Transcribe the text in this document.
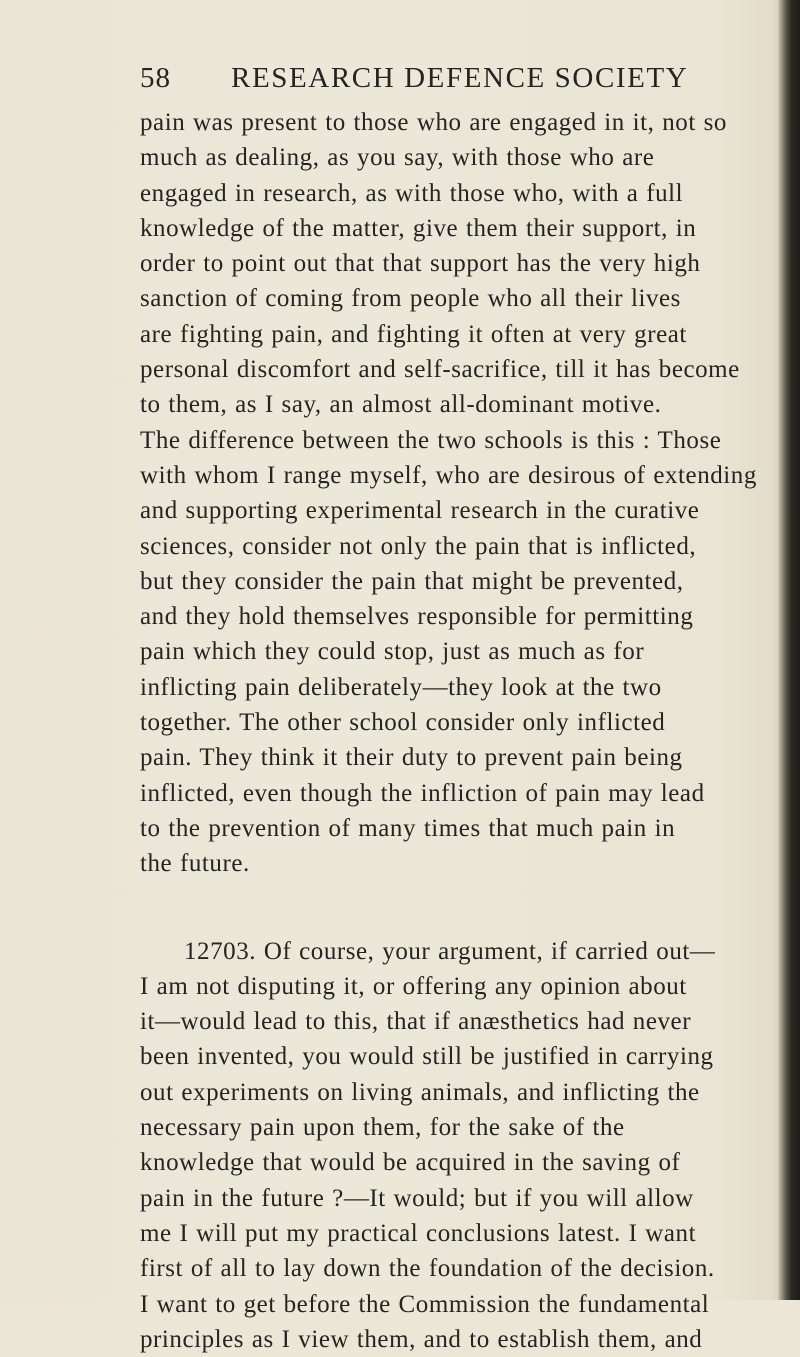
58 RESEARCH DEFENCE SOCIETY
pain was present to those who are engaged in it, not so
much as dealing, as you say, with those who are
engaged in research, as with those who, with a full
knowledge of the matter, give them their support, in
order to point out that that support has the very high
sanction of coming from people who all their lives
are fighting pain, and fighting it often at very great
personal discomfort and self-sacrifice, till it has become
to them, as I say, an almost all-dominant motive.
The difference between the two schools is this : Those
with whom I range myself, who are desirous of extending
and supporting experimental research in the curative
sciences, consider not only the pain that is inflicted,
but they consider the pain that might be prevented,
and they hold themselves responsible for permitting
pain which they could stop, just as much as for
inflicting pain deliberately—they look at the two
together. The other school consider only inflicted
pain. They think it their duty to prevent pain being
inflicted, even though the infliction of pain may lead
to the prevention of many times that much pain in
the future.
12703. Of course, your argument, if carried out—
I am not disputing it, or offering any opinion about
it—would lead to this, that if anæsthetics had never
been invented, you would still be justified in carrying
out experiments on living animals, and inflicting the
necessary pain upon them, for the sake of the
knowledge that would be acquired in the saving of
pain in the future ?—It would; but if you will allow
me I will put my practical conclusions latest. I want
first of all to lay down the foundation of the decision.
I want to get before the Commission the fundamental
principles as I view them, and to establish them, and
